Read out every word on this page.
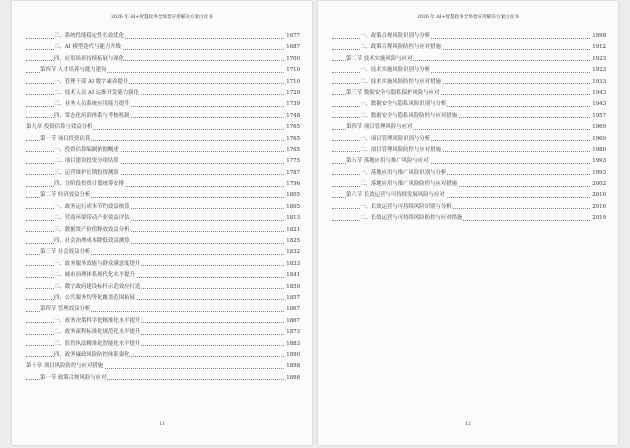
2026 年 AI+智慧政务全场景应用解决方案白皮书
三、系统性能稳定性长效优化	1677
三、AI 模型迭代与能力升级	1687
四、应用场景持续拓展与深化	1700
第四节 人才培养与能力建设	1710
一、管理干部 AI 数字素养提升	1710
二、技术人员 AI 运维开发能力强化	1729
三、业务人员系统应用能力提升	1739
四、常态化培训体系与考核机制	1748
第九章 投资估算与效益分析	1765
第一节 项目投资估算	1765
一、投资估算编制依据概述	1765
二、项目建设投资分项估算	1775
三、运营维护长期投资测算	1787
四、分阶段投资计划统筹安排	1796
第二节 经济效益分析	1805
一、政务运行成本节约效益核算	1805
二、营商环境带动产业效益评估	1813
三、数据资产价值释放效益分析	1821
四、社会治理成本降低效益测算	1825
第三节 社会效益分析	1832
一、政务服务效能与群众满意度提升	1833
二、城市治理体系现代化水平提升	1841
三、数字政府建设标杆示范效应打造	1850
四、公共服务均等化覆盖范围拓展	1857
第四节 管理效益分析	1867
一、政务决策科学化精准化水平提升	1867
二、政务流程标准化规范化水平提升	1873
三、监管执法精准化智能化水平提升	1883
四、政务廉政风险防控体系强化	1890
第十章 项目风险防控与应对措施	1898
第一节 政策合规风险与应对	1898
11
2026 年 AI+智慧政务全场景应用解决方案白皮书
一、政策合规风险识别与分析	1898
二、政策合规风险防控与应对措施	1912
第二节 技术实施风险与应对	1923
一、技术实施风险识别与分析	1923
二、技术实施风险防控与应对措施	1933
第三节 数据安全与隐私保护风险与应对	1943
一、数据安全与隐私风险识别与分析	1943
二、数据安全与隐私风险防控与应对措施	1957
第四节 项目管理风险与应对	1969
一、项目管理风险识别与分析	1969
二、项目管理风险防控与应对措施	1980
第五节 落地应用与推广风险与应对	1993
一、落地应用与推广风险识别与分析	1993
二、落地应用与推广风险防控与应对措施	2002
第六节 长效运营与可持续发展风险与应对	2010
一、长效运营与可持续风险识别与分析	2010
二、长效运营与可持续风险防控与应对措施	2019
12
